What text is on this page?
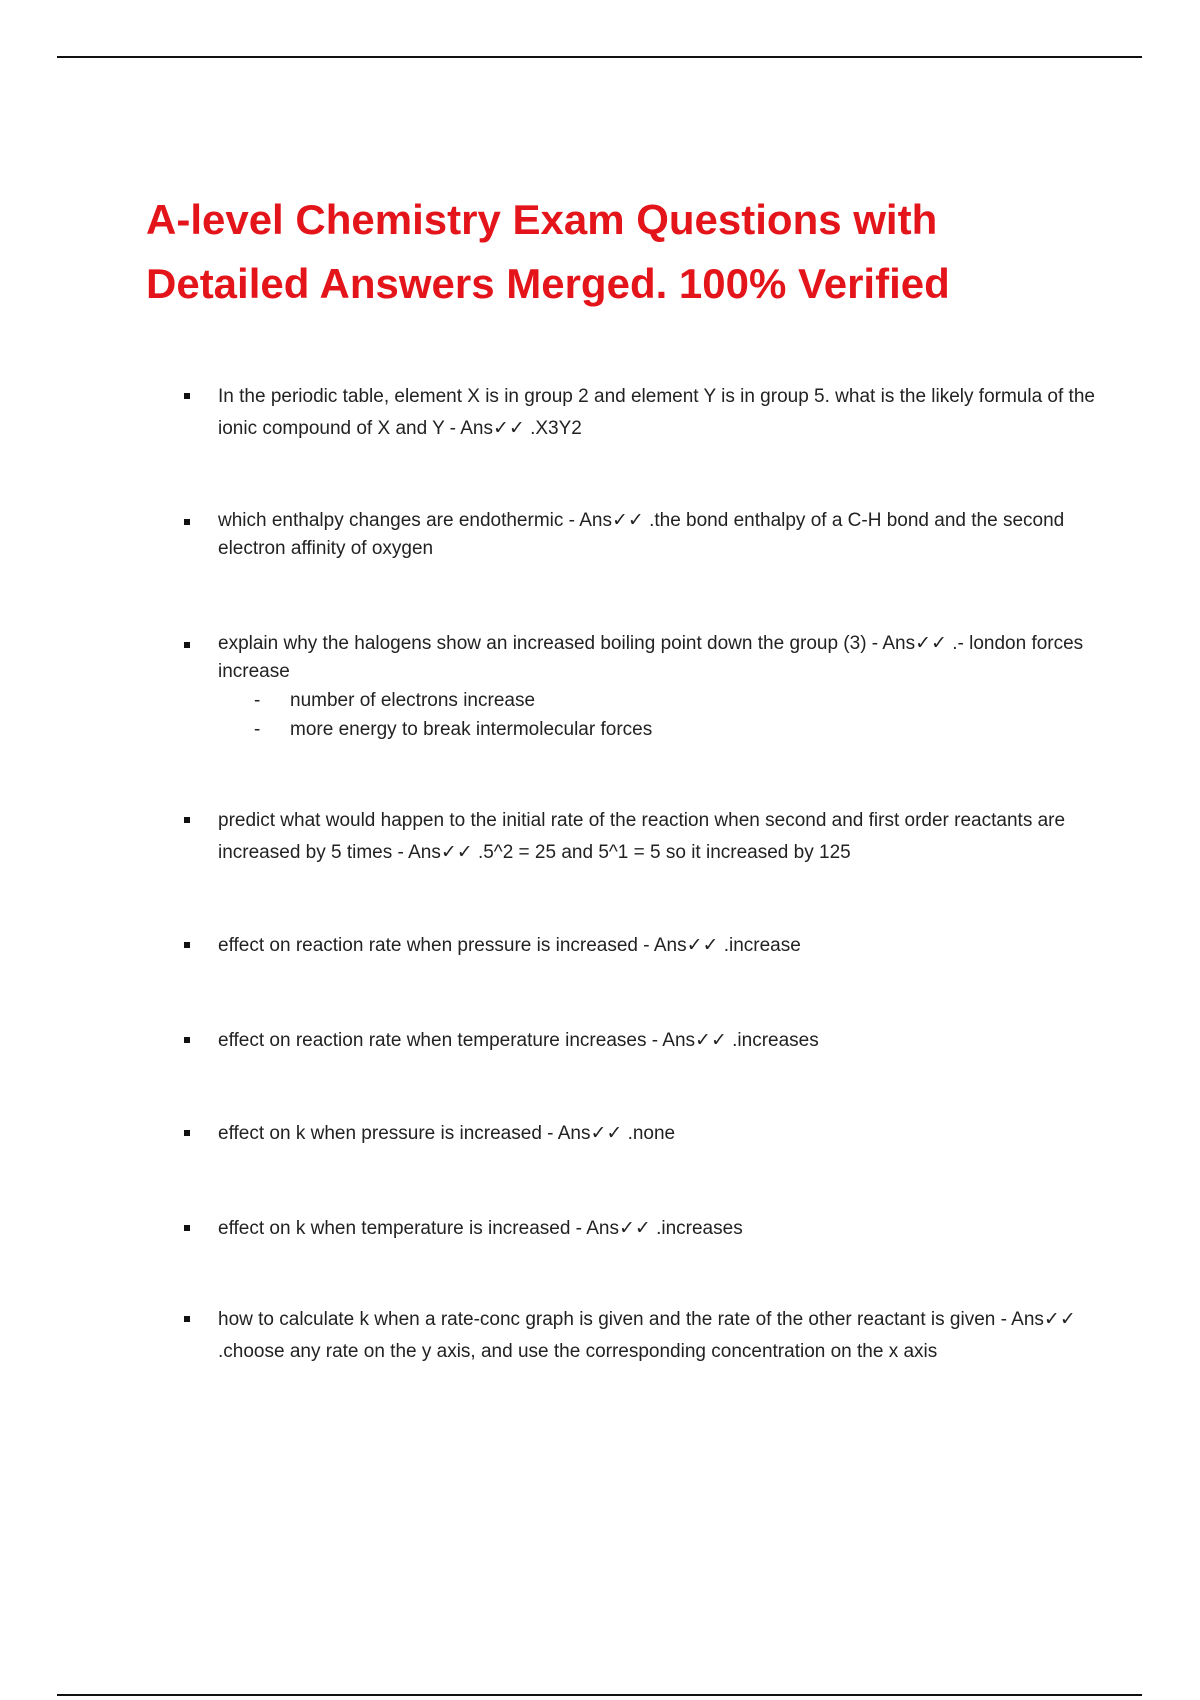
A-level Chemistry Exam Questions with Detailed Answers Merged. 100% Verified
In the periodic table, element X is in group 2 and element Y is in group 5. what is the likely formula of the ionic compound of X and Y - Ans✓✓ .X3Y2
which enthalpy changes are endothermic - Ans✓✓ .the bond enthalpy of a C-H bond and the second electron affinity of oxygen
explain why the halogens show an increased boiling point down the group (3) - Ans✓✓ .- london forces increase
- number of electrons increase
- more energy to break intermolecular forces
predict what would happen to the initial rate of the reaction when second and first order reactants are increased by 5 times - Ans✓✓ .5^2 = 25 and 5^1 = 5 so it increased by 125
effect on reaction rate when pressure is increased - Ans✓✓ .increase
effect on reaction rate when temperature increases - Ans✓✓ .increases
effect on k when pressure is increased - Ans✓✓ .none
effect on k when temperature is increased - Ans✓✓ .increases
how to calculate k when a rate-conc graph is given and the rate of the other reactant is given - Ans✓✓ .choose any rate on the y axis, and use the corresponding concentration on the x axis
